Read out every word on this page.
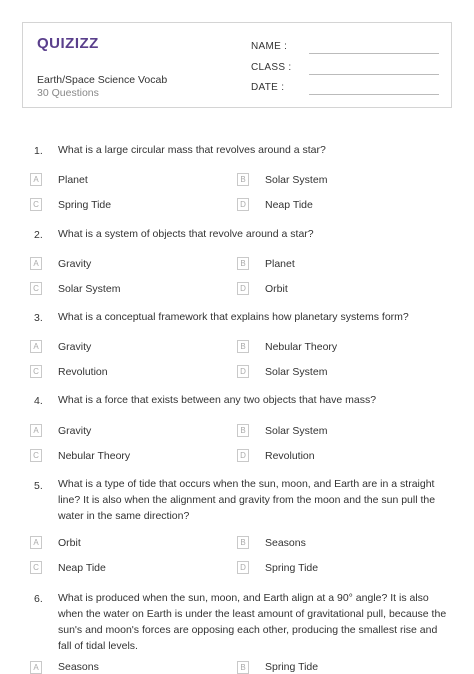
QUIZIZZ
Earth/Space Science Vocab
30 Questions
NAME :
CLASS :
DATE :
1. What is a large circular mass that revolves around a star?
A	Planet	B	Solar System
C Spring Tide	D Neap Tide
2. What is a system of objects that revolve around a star?
A	Gravity	B	Planet
C Solar System	D Orbit
3. What is a conceptual framework that explains how planetary systems form?
A	Gravity	B	Nebular Theory
C Revolution	D Solar System
4. What is a force that exists between any two objects that have mass?
A	Gravity	B	Solar System
C Nebular Theory	D Revolution
5. What is a type of tide that occurs when the sun, moon, and Earth are in a straight line? It is also when the alignment and gravity from the moon and the sun pull the water in the same direction?
A	Orbit	B	Seasons
C Neap Tide	D Spring Tide
6. What is produced when the sun, moon, and Earth align at a 90° angle? It is also when the water on Earth is under the least amount of gravitational pull, because the sun's and moon's forces are opposing each other, producing the smallest rise and fall of tidal levels.
A	Seasons	B	Spring Tide
